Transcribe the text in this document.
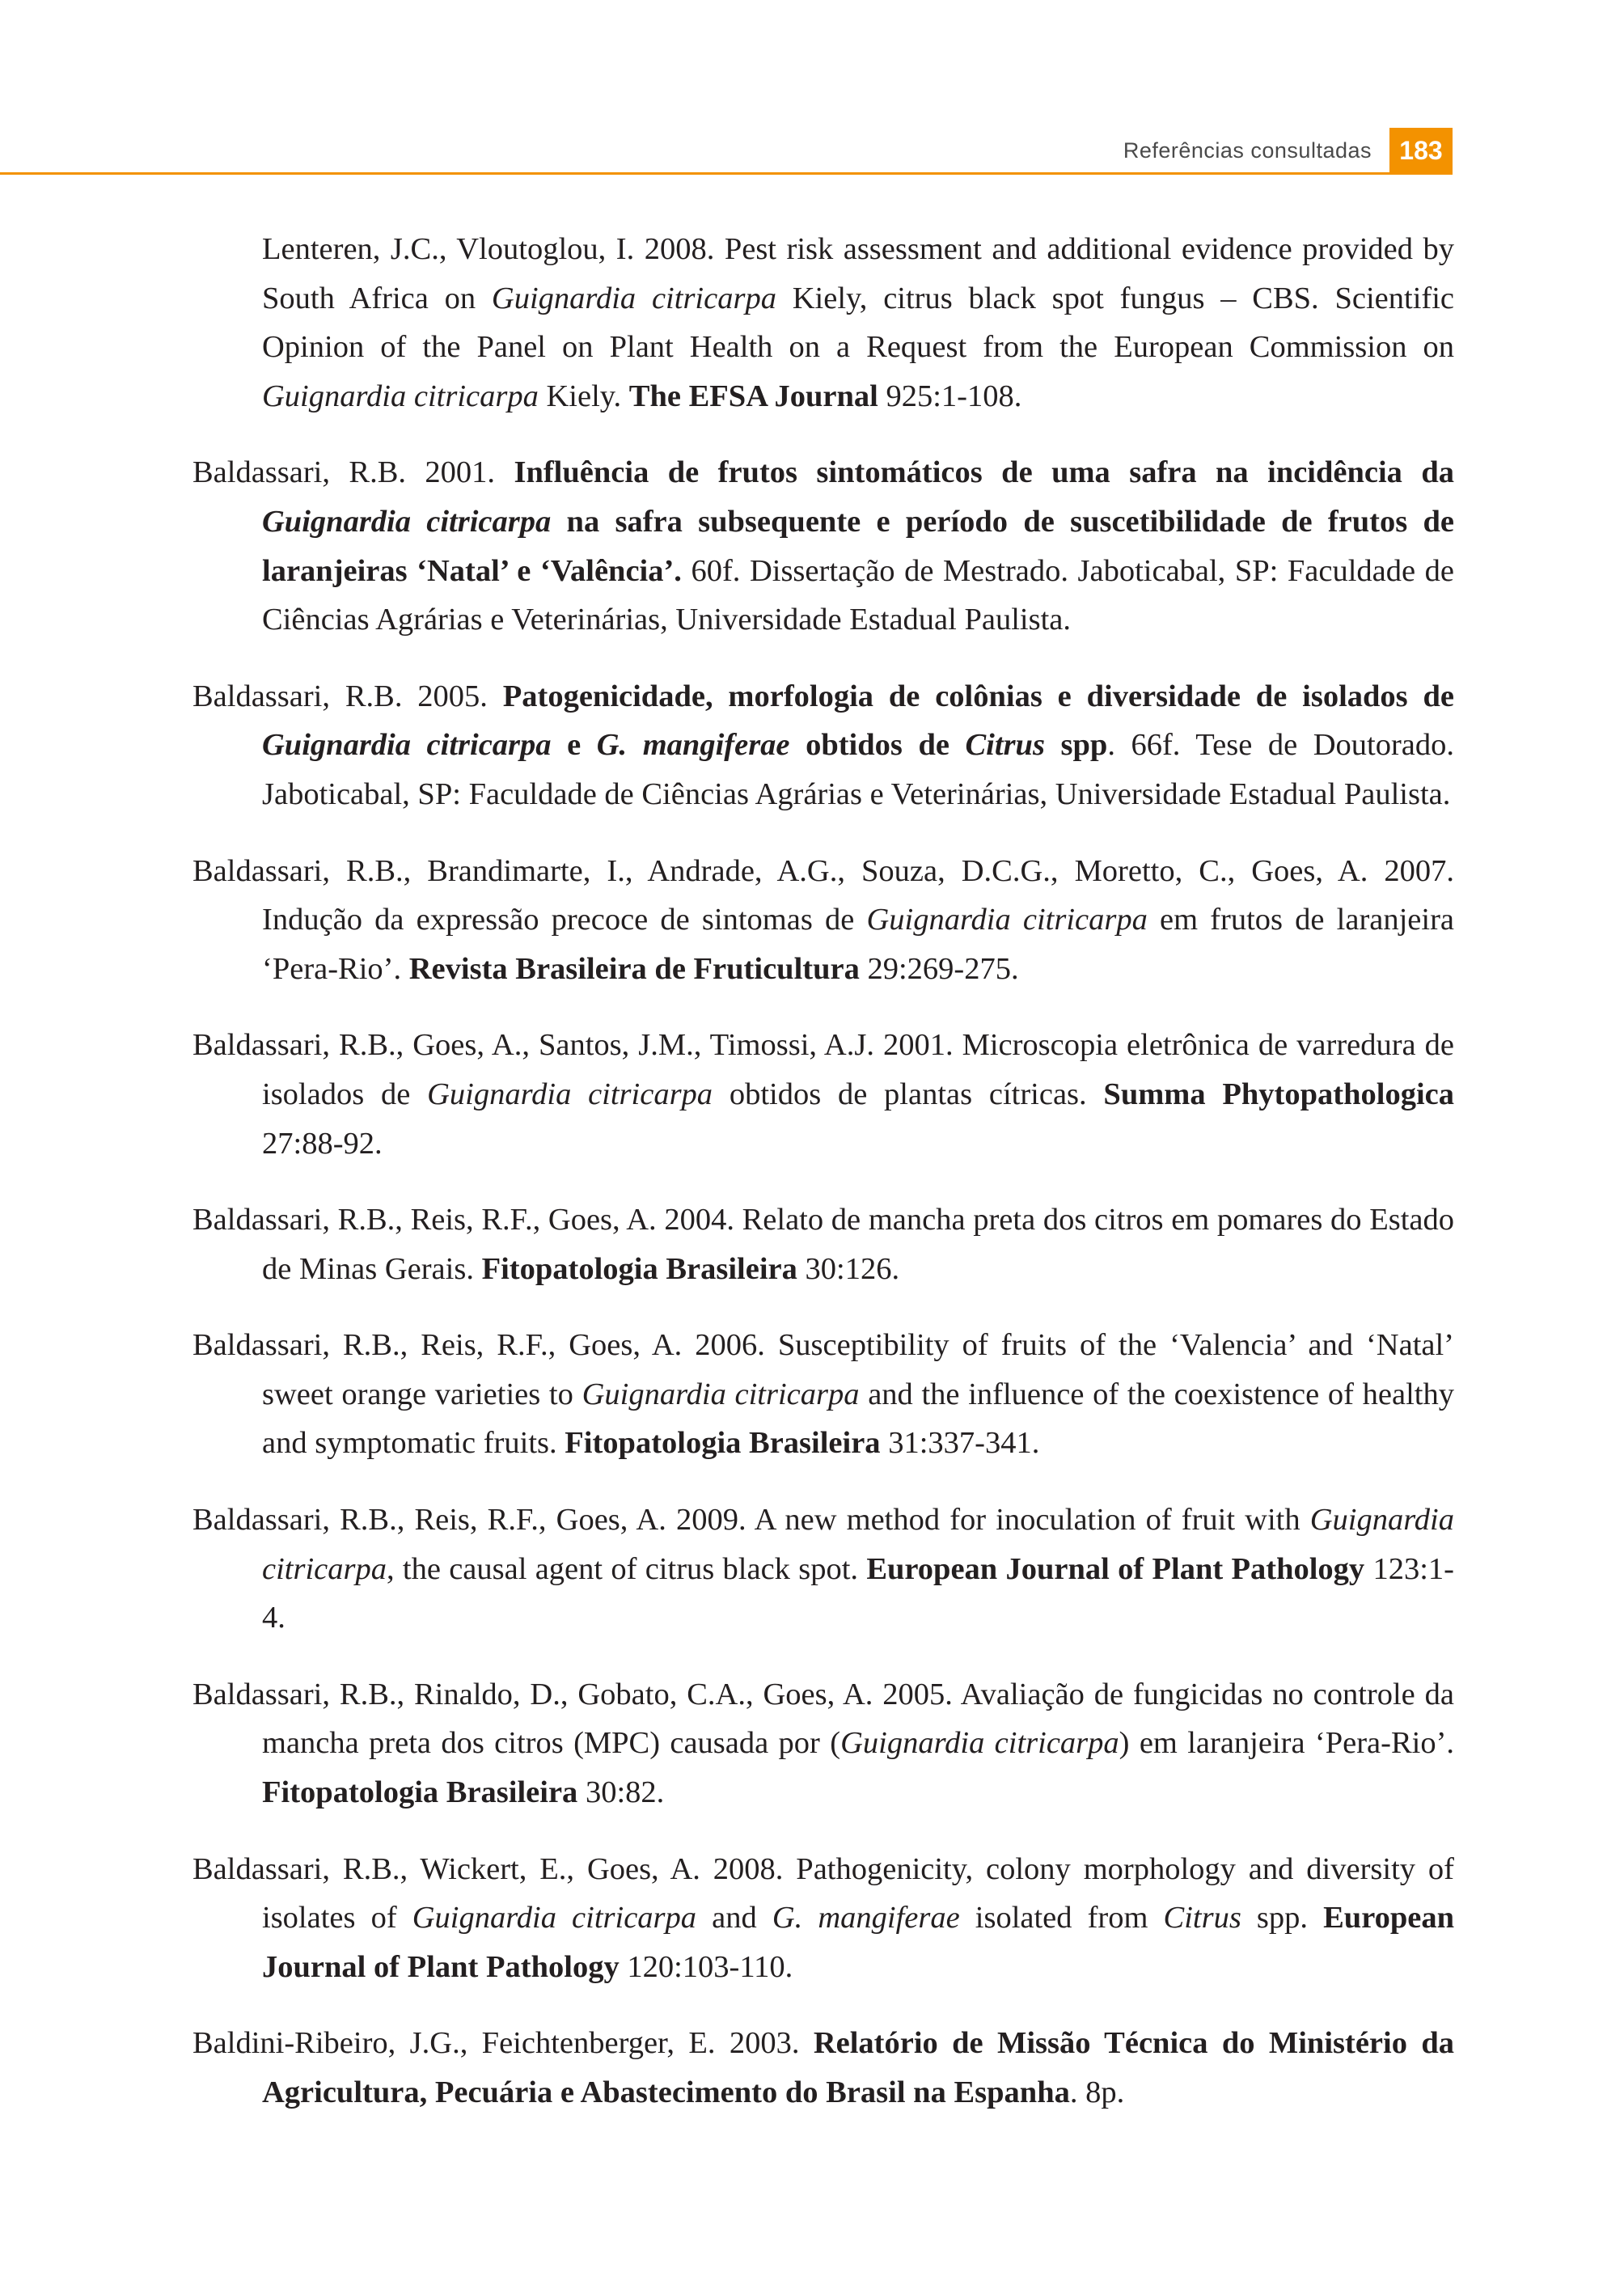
Referências consultadas	183

Lenteren, J.C., Vloutoglou, I. 2008. Pest risk assessment and additional evidence provided by South Africa on Guignardia citricarpa Kiely, citrus black spot fungus – CBS. Scientific Opinion of the Panel on Plant Health on a Request from the European Commission on Guignardia citricarpa Kiely. The EFSA Journal 925:1-108.

Baldassari, R.B. 2001. Influência de frutos sintomáticos de uma safra na incidência da Guignardia citricarpa na safra subsequente e período de suscetibilidade de frutos de laranjeiras ‘Natal’ e ‘Valência’. 60f. Dissertação de Mestrado. Jaboticabal, SP: Faculdade de Ciências Agrárias e Veterinárias, Universidade Estadual Paulista.

Baldassari, R.B. 2005. Patogenicidade, morfologia de colônias e diversidade de isolados de Guignardia citricarpa e G. mangiferae obtidos de Citrus spp. 66f. Tese de Doutorado. Jaboticabal, SP: Faculdade de Ciências Agrárias e Veterinárias, Universidade Estadual Paulista.

Baldassari, R.B., Brandimarte, I., Andrade, A.G., Souza, D.C.G., Moretto, C., Goes, A. 2007. Indução da expressão precoce de sintomas de Guignardia citricarpa em frutos de laranjeira ‘Pera-Rio’. Revista Brasileira de Fruticultura 29:269-275.

Baldassari, R.B., Goes, A., Santos, J.M., Timossi, A.J. 2001. Microscopia eletrônica de varredura de isolados de Guignardia citricarpa obtidos de plantas cítricas. Summa Phytopathologica 27:88-92.

Baldassari, R.B., Reis, R.F., Goes, A. 2004. Relato de mancha preta dos citros em pomares do Estado de Minas Gerais. Fitopatologia Brasileira 30:126.

Baldassari, R.B., Reis, R.F., Goes, A. 2006. Susceptibility of fruits of the ‘Valencia’ and ‘Natal’ sweet orange varieties to Guignardia citricarpa and the influence of the coexistence of healthy and symptomatic fruits. Fitopatologia Brasileira 31:337-341.

Baldassari, R.B., Reis, R.F., Goes, A. 2009. A new method for inoculation of fruit with Guignardia citricarpa, the causal agent of citrus black spot. European Journal of Plant Pathology 123:1-4.

Baldassari, R.B., Rinaldo, D., Gobato, C.A., Goes, A. 2005. Avaliação de fungicidas no controle da mancha preta dos citros (MPC) causada por (Guignardia citricarpa) em laranjeira ‘Pera-Rio’. Fitopatologia Brasileira 30:82.

Baldassari, R.B., Wickert, E., Goes, A. 2008. Pathogenicity, colony morphology and diversity of isolates of Guignardia citricarpa and G. mangiferae isolated from Citrus spp. European Journal of Plant Pathology 120:103-110.

Baldini-Ribeiro, J.G., Feichtenberger, E. 2003. Relatório de Missão Técnica do Ministério da Agricultura, Pecuária e Abastecimento do Brasil na Espanha. 8p.
